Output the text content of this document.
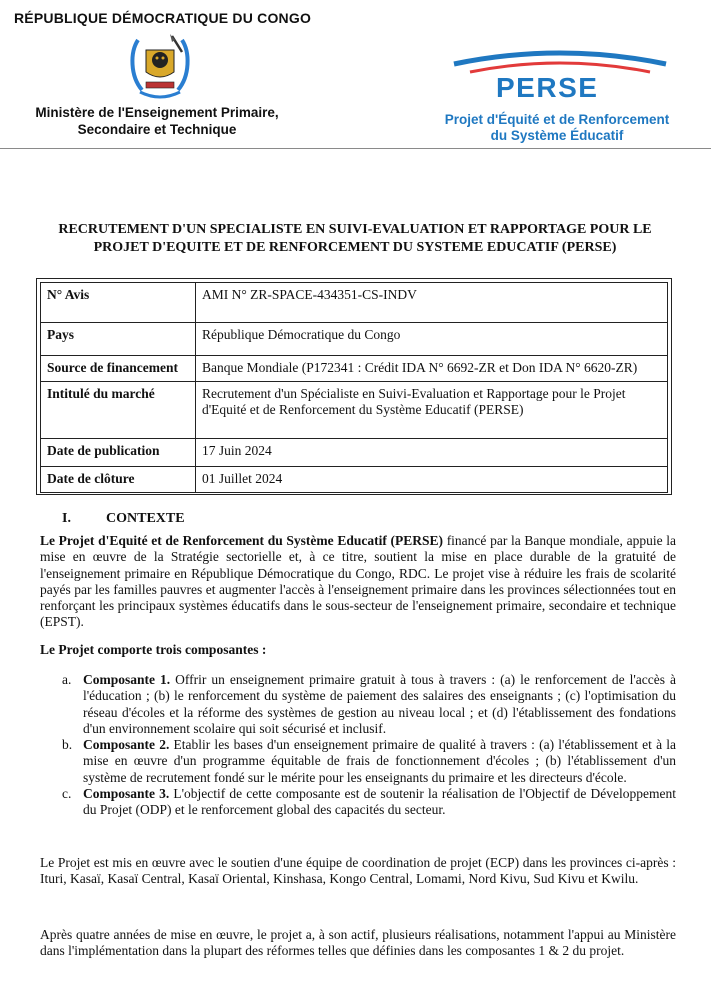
RÉPUBLIQUE DÉMOCRATIQUE DU CONGO
Ministère de l'Enseignement Primaire,
Secondaire et Technique
PERSE
Projet d'Équité et de Renforcement
du Système Éducatif
RECRUTEMENT D'UN SPECIALISTE EN SUIVI-EVALUATION ET RAPPORTAGE POUR LE
PROJET D'EQUITE ET DE RENFORCEMENT DU SYSTEME EDUCATIF (PERSE)
N° Avis	AMI N° ZR-SPACE-434351-CS-INDV
Pays	République Démocratique du Congo
Source de financement	Banque Mondiale (P172341 : Crédit IDA N° 6692-ZR et Don IDA N° 6620-ZR)
Intitulé du marché	Recrutement d'un Spécialiste en Suivi-Evaluation et Rapportage pour le Projet d'Equité et de Renforcement du Système Educatif (PERSE)
Date de publication	17 Juin 2024
Date de clôture	01 Juillet 2024
I.	CONTEXTE
Le Projet d'Equité et de Renforcement du Système Educatif (PERSE) financé par la Banque mondiale, appuie la mise en œuvre de la Stratégie sectorielle et, à ce titre, soutient la mise en place durable de la gratuité de l'enseignement primaire en République Démocratique du Congo, RDC. Le projet vise à réduire les frais de scolarité payés par les familles pauvres et augmenter l'accès à l'enseignement primaire dans les provinces sélectionnées tout en renforçant les principaux systèmes éducatifs dans le sous-secteur de l'enseignement primaire, secondaire et technique (EPST).
Le Projet comporte trois composantes :
a. Composante 1. Offrir un enseignement primaire gratuit à tous à travers : (a) le renforcement de l'accès à l'éducation ; (b) le renforcement du système de paiement des salaires des enseignants ; (c) l'optimisation du réseau d'écoles et la réforme des systèmes de gestion au niveau local ; et (d) l'établissement des fondations d'un environnement scolaire qui soit sécurisé et inclusif.
b. Composante 2. Etablir les bases d'un enseignement primaire de qualité à travers : (a) l'établissement et à la mise en œuvre d'un programme équitable de frais de fonctionnement d'écoles ; (b) l'établissement d'un système de recrutement fondé sur le mérite pour les enseignants du primaire et les directeurs d'école.
c. Composante 3. L'objectif de cette composante est de soutenir la réalisation de l'Objectif de Développement du Projet (ODP) et le renforcement global des capacités du secteur.
Le Projet est mis en œuvre avec le soutien d'une équipe de coordination de projet (ECP) dans les provinces ci-après : Ituri, Kasaï, Kasaï Central, Kasaï Oriental, Kinshasa, Kongo Central, Lomami, Nord Kivu, Sud Kivu et Kwilu.
Après quatre années de mise en œuvre, le projet a, à son actif, plusieurs réalisations, notamment l'appui au Ministère dans l'implémentation dans la plupart des réformes telles que définies dans les composantes 1 & 2 du projet.
